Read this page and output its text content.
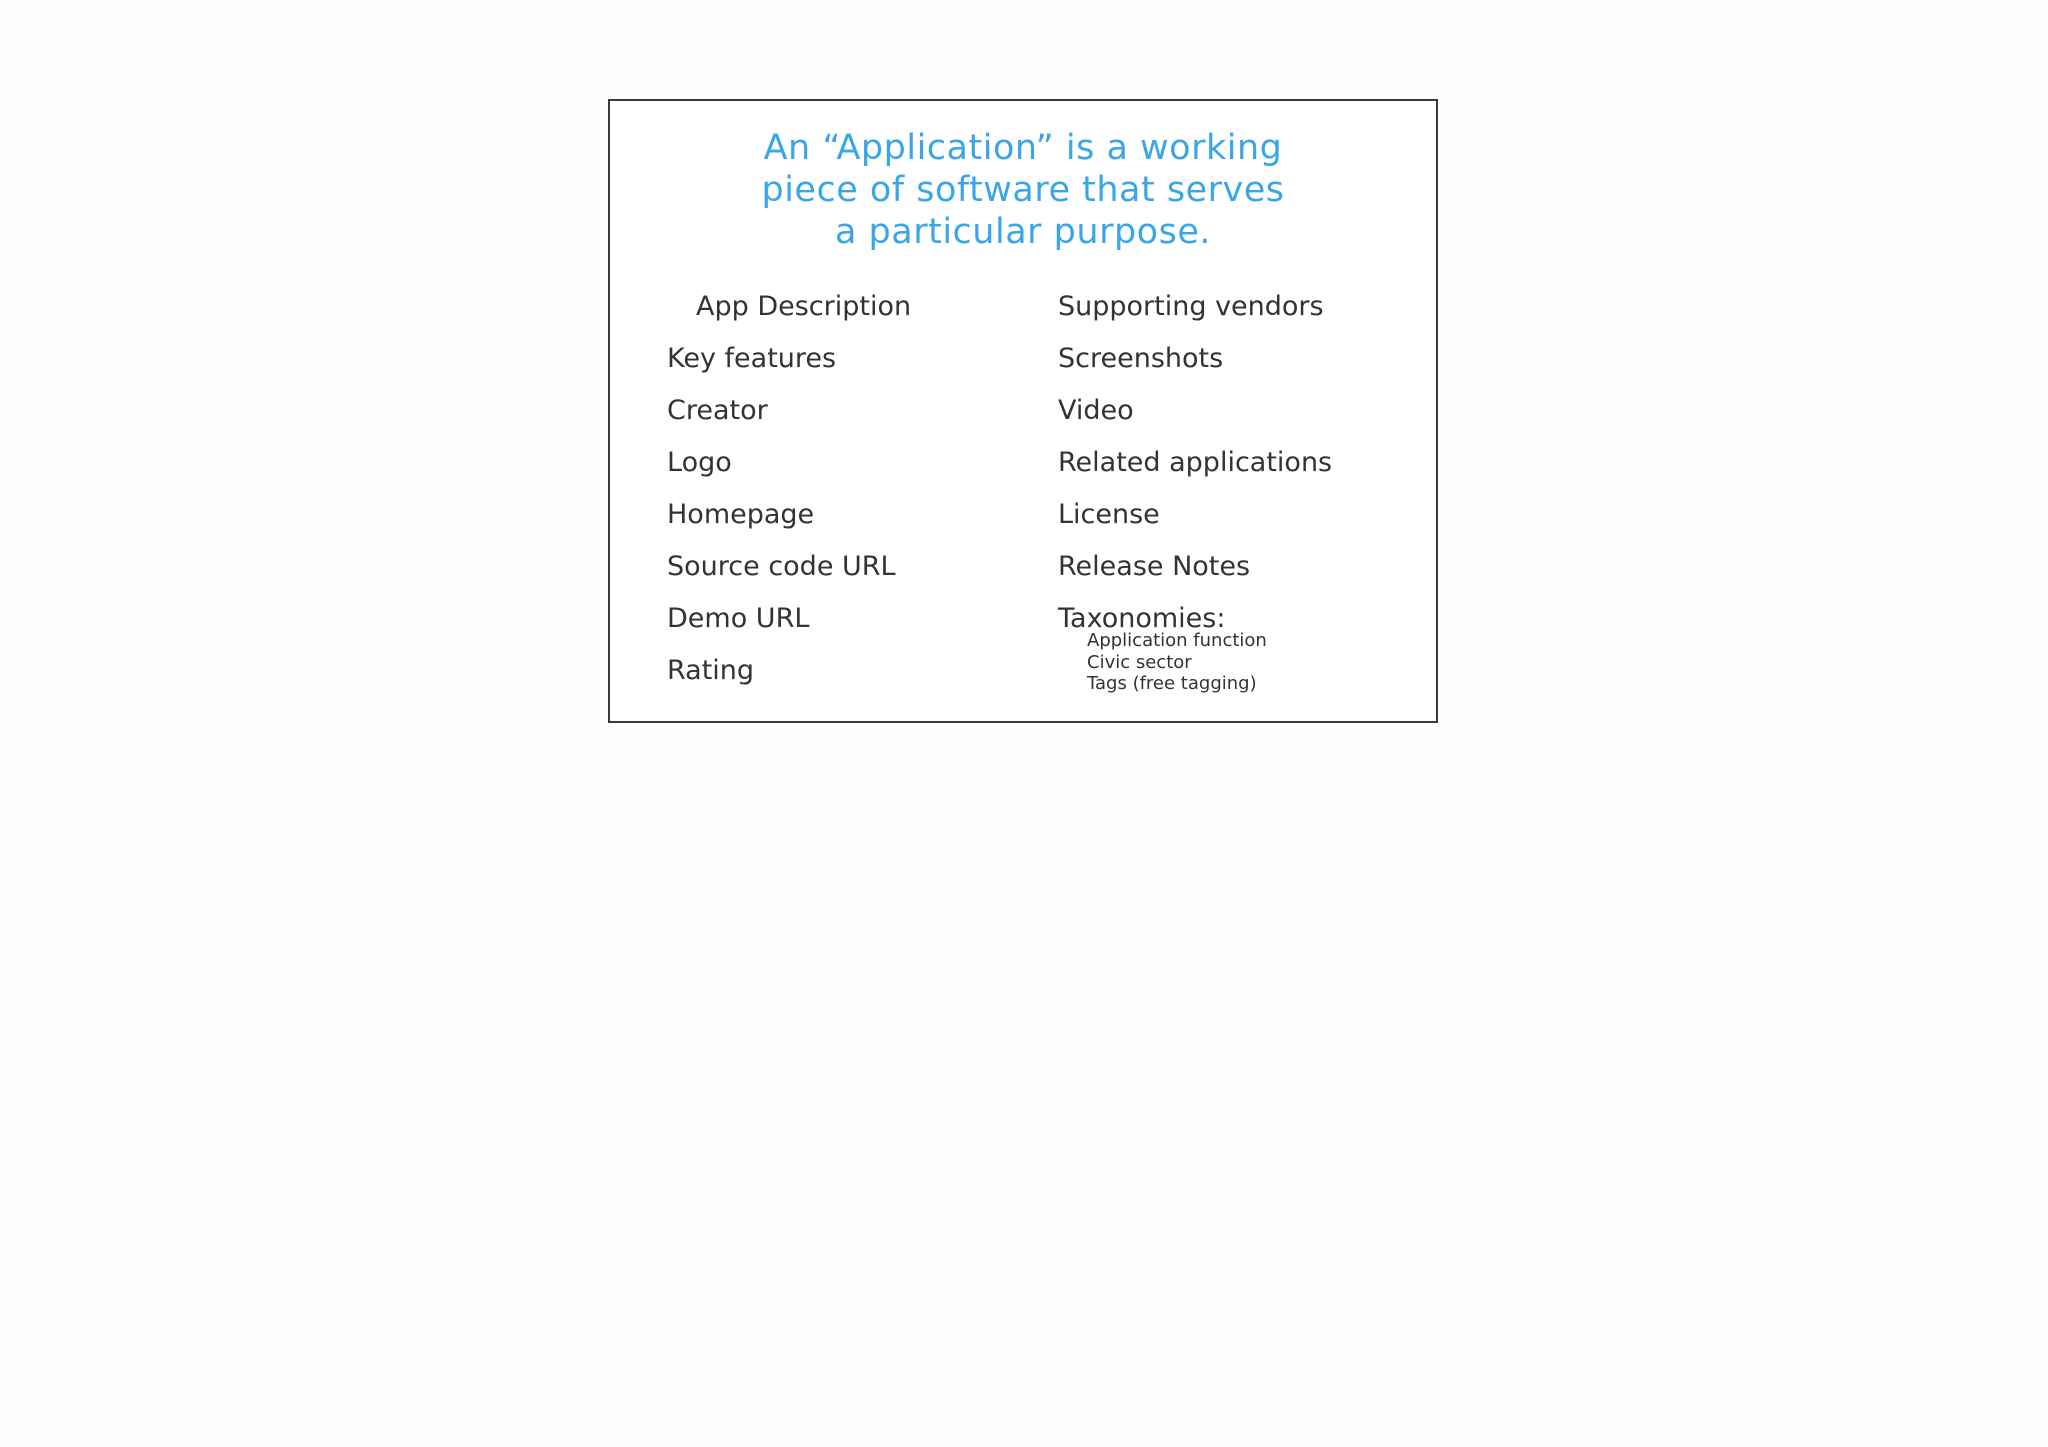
An “Application” is a working
piece of software that serves
a particular purpose.
App Description
Key features
Creator
Logo
Homepage
Source code URL
Demo URL
Rating
Supporting vendors
Screenshots
Video
Related applications
License
Release Notes
Taxonomies:
Application function
Civic sector
Tags (free tagging)
